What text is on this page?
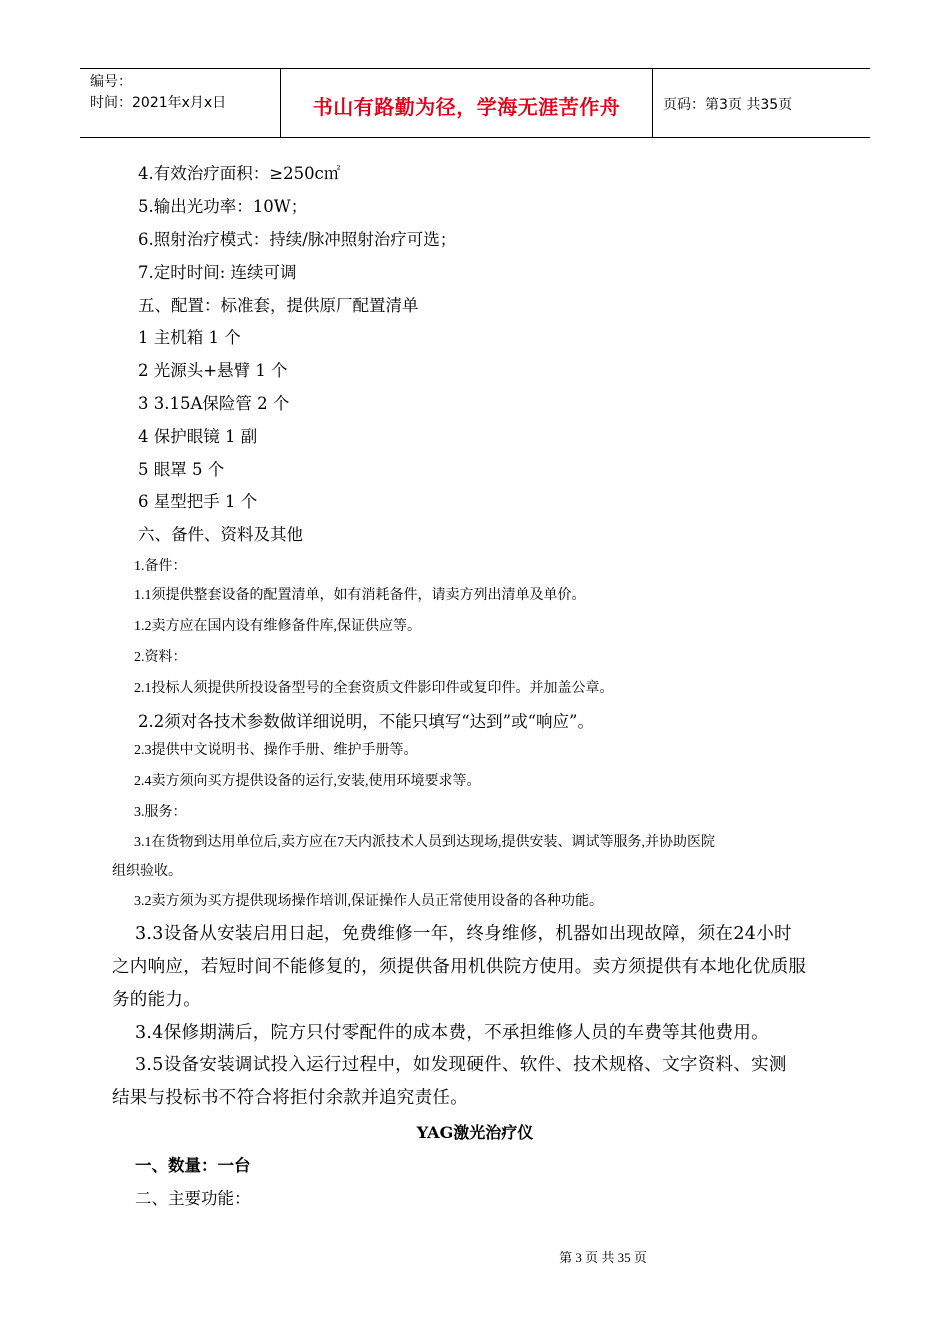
编号：
时间：2021年x月x日	书山有路勤为径，学海无涯苦作舟	页码：第3页 共35页
4.有效治疗面积：≥250c㎡
5.输出光功率：10W；
6.照射治疗模式：持续/脉冲照射治疗可选；
7.定时时间: 连续可调
五、配置：标准套，提供原厂配置清单
1 主机箱 1 个
2 光源头+悬臂 1 个
3 3.15A保险管 2 个
4 保护眼镜 1 副
5 眼罩 5 个
6 星型把手 1 个
六、备件、资料及其他
1.备件：
1.1须提供整套设备的配置清单，如有消耗备件，请卖方列出清单及单价。
1.2卖方应在国内设有维修备件库,保证供应等。
2.资料：
2.1投标人须提供所投设备型号的全套资质文件影印件或复印件。并加盖公章。
2.2须对各技术参数做详细说明，不能只填写“达到”或“响应”。
2.3提供中文说明书、操作手册、维护手册等。
2.4卖方须向买方提供设备的运行,安装,使用环境要求等。
3.服务：
3.1在货物到达用单位后,卖方应在7天内派技术人员到达现场,提供安装、调试等服务,并协助医院
组织验收。
3.2卖方须为买方提供现场操作培训,保证操作人员正常使用设备的各种功能。
3.3设备从安装启用日起，免费维修一年，终身维修，机器如出现故障，须在24小时
之内响应，若短时间不能修复的，须提供备用机供院方使用。卖方须提供有本地化优质服
务的能力。
3.4保修期满后，院方只付零配件的成本费，不承担维修人员的车费等其他费用。
3.5设备安装调试投入运行过程中，如发现硬件、软件、技术规格、文字资料、实测
结果与投标书不符合将拒付余款并追究责任。
YAG激光治疗仪
一、数量：一台
二、主要功能：
第 3 页 共 35 页
